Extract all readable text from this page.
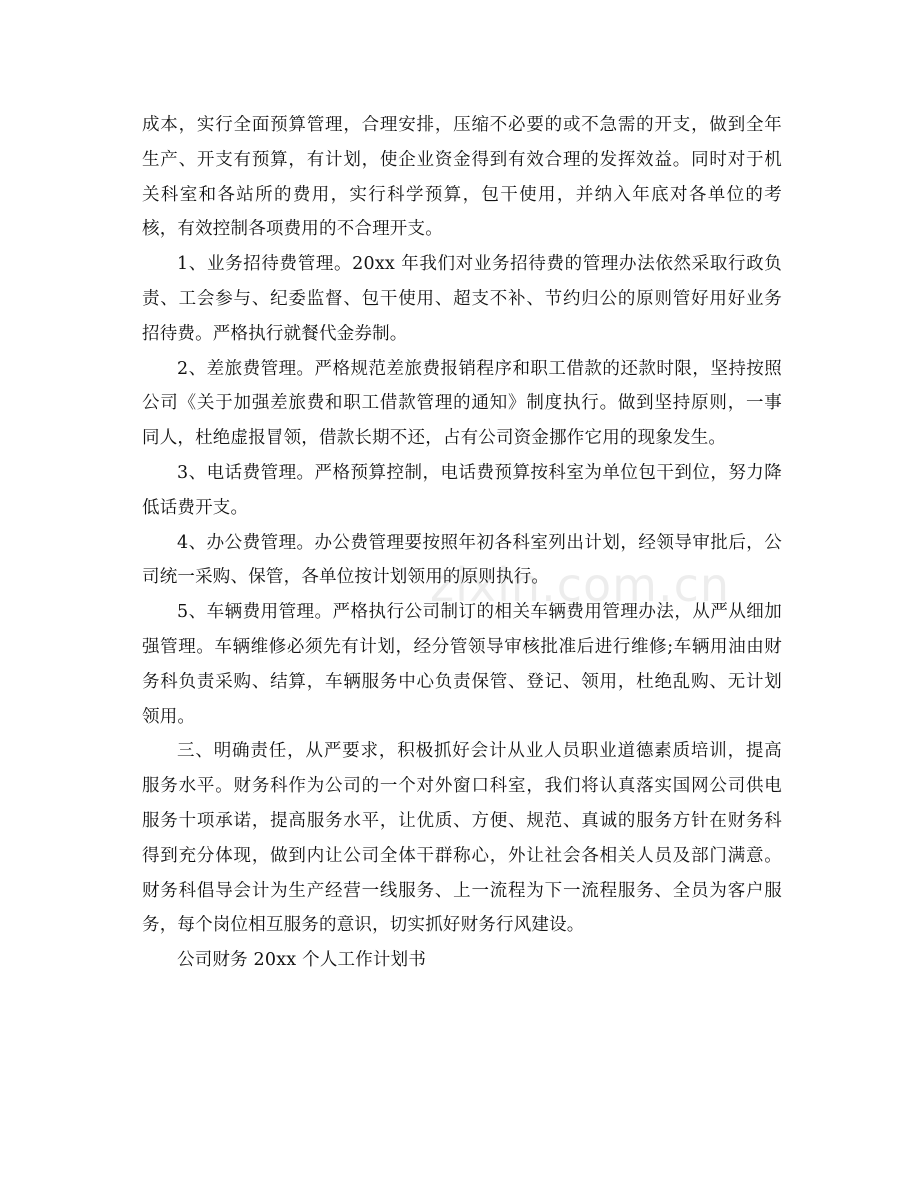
成本，实行全面预算管理，合理安排，压缩不必要的或不急需的开支，做到全年
生产、开支有预算，有计划，使企业资金得到有效合理的发挥效益。同时对于机
关科室和各站所的费用，实行科学预算，包干使用，并纳入年底对各单位的考
核，有效控制各项费用的不合理开支。
1、业务招待费管理。20xx 年我们对业务招待费的管理办法依然采取行政负
责、工会参与、纪委监督、包干使用、超支不补、节约归公的原则管好用好业务
招待费。严格执行就餐代金券制。
2、差旅费管理。严格规范差旅费报销程序和职工借款的还款时限，坚持按照
公司《关于加强差旅费和职工借款管理的通知》制度执行。做到坚持原则，一事
同人，杜绝虚报冒领，借款长期不还，占有公司资金挪作它用的现象发生。
3、电话费管理。严格预算控制，电话费预算按科室为单位包干到位，努力降
低话费开支。
4、办公费管理。办公费管理要按照年初各科室列出计划，经领导审批后，公
司统一采购、保管，各单位按计划领用的原则执行。
5、车辆费用管理。严格执行公司制订的相关车辆费用管理办法，从严从细加
强管理。车辆维修必须先有计划，经分管领导审核批准后进行维修;车辆用油由财
务科负责采购、结算，车辆服务中心负责保管、登记、领用，杜绝乱购、无计划
领用。
三、明确责任，从严要求，积极抓好会计从业人员职业道德素质培训，提高
服务水平。财务科作为公司的一个对外窗口科室，我们将认真落实国网公司供电
服务十项承诺，提高服务水平，让优质、方便、规范、真诚的服务方针在财务科
得到充分体现，做到内让公司全体干群称心，外让社会各相关人员及部门满意。
财务科倡导会计为生产经营一线服务、上一流程为下一流程服务、全员为客户服
务，每个岗位相互服务的意识，切实抓好财务行风建设。
公司财务 20xx 个人工作计划书
zixin.com.cn
